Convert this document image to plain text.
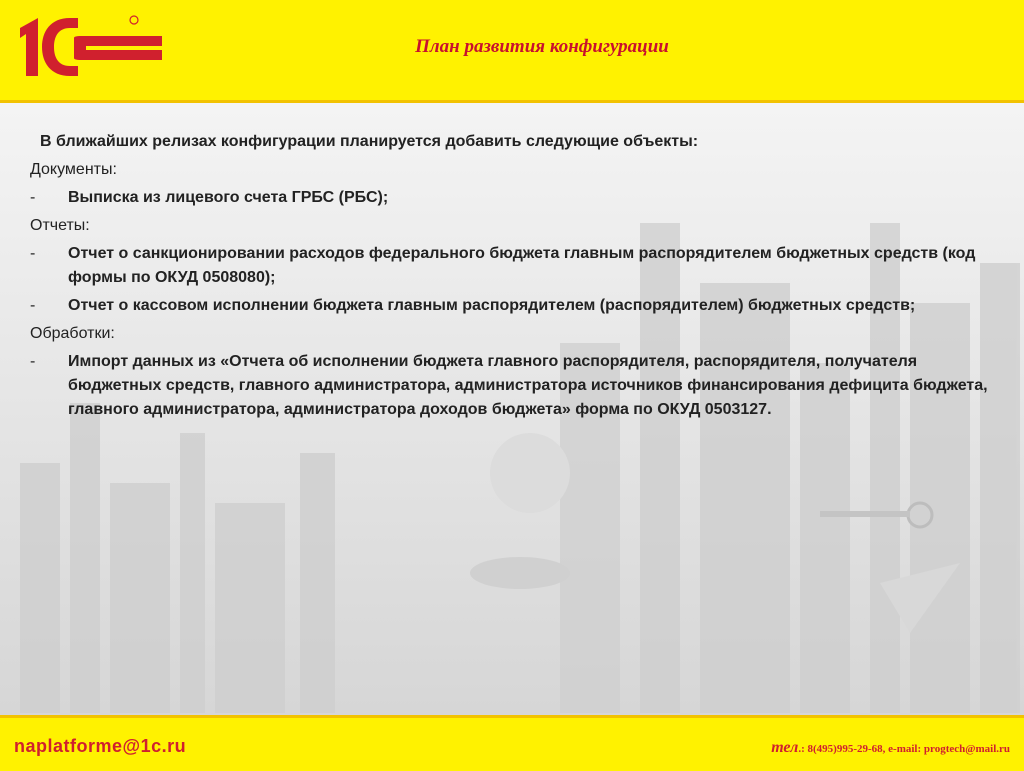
План развития конфигурации
В ближайших релизах конфигурации планируется добавить следующие объекты:
Документы:
-	Выписка из лицевого счета ГРБС (РБС);
Отчеты:
-	Отчет о санкционировании расходов федерального бюджета главным распорядителем бюджетных средств (код формы по ОКУД 0508080);
-	Отчет о кассовом исполнении бюджета главным распорядителем (распорядителем) бюджетных средств;
Обработки:
-	Импорт данных из «Отчета об исполнении бюджета главного распорядителя, распорядителя, получателя бюджетных средств, главного администратора, администратора источников финансирования дефицита бюджета, главного администратора, администратора доходов бюджета» форма по ОКУД 0503127.
naplatforme@1c.ru	тел.: 8(495)995-29-68, e-mail: progtech@mail.ru
